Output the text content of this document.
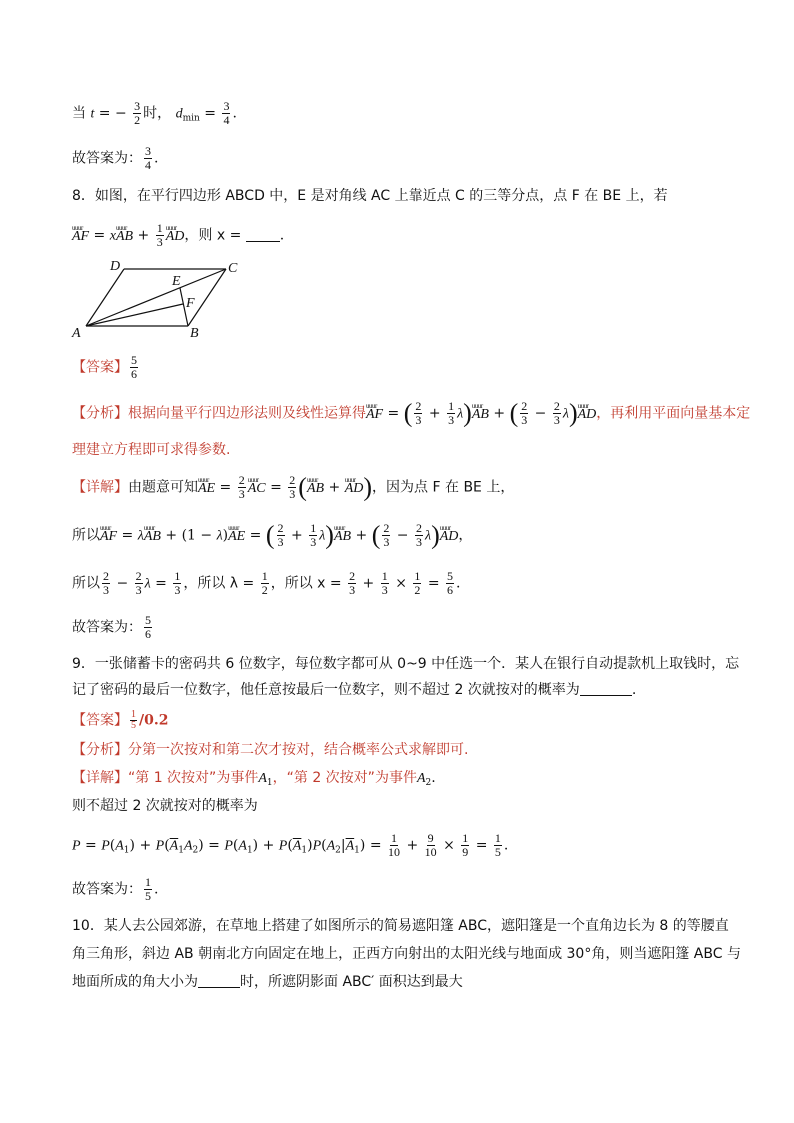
当 t = − $\frac{3}{2}$ 时， $d_{min} = \frac{3}{4}$ .
故答案为： $\frac{3}{4}$ .
8．如图，在平行四边形 ABCD 中，E 是对角线 AC 上靠近点 C 的三等分点，点 F 在 BE 上，若
uuur AF = xuuur AB + $\frac{1}{3}$ uuur AD，则 x =	.
D	C
E
F
A	B
【答案】 $\frac{5}{6}$
【分析】根据向量平行四边形法则及线性运算得uuur AF = ( $\frac{2}{3} + \frac{1}{3}$ λ)uuur AB + ( $\frac{2}{3} - \frac{2}{3}$ λ)uuur AD，再利用平面向量基本定
理建立方程即可求得参数.
【详解】由题意可知uuur AE = $\frac{2}{3}$ uuur AC = $\frac{2}{3}$ (uuur AB + uuur AD)，因为点 F 在 BE 上，
所以uuur AF = λuuur AB + (1 − λ)uuur AE = ( $\frac{2}{3} + \frac{1}{3}$ λ)uuur AB + ( $\frac{2}{3} - \frac{2}{3}$ λ)uuur AD，
所以 $\frac{2}{3} - \frac{2}{3}$ $\lambda = \frac{1}{3}$ ，所以 $\lambda = \frac{1}{2}$ ，所以 $x = \frac{2}{3} + \frac{1}{3} \times \frac{1}{2} = \frac{5}{6}$ .
故答案为： $\frac{5}{6}$
9．一张储蓄卡的密码共 6 位数字，每位数字都可从 0~9 中任选一个．某人在银行自动提款机上取钱时，忘
记了密码的最后一位数字，他任意按最后一位数字，则不超过 2 次就按对的概率为	.
【答案】 $\frac{1}{5} /0.2$
【分析】分第一次按对和第二次才按对，结合概率公式求解即可.
【详解】“第 1 次按对”为事件$A_1$，“第 2 次按对”为事件$A_2$.
则不超过 2 次就按对的概率为
$P = P(A_1) + P(\overline{A}_1A_2) = P(A_1) + P(\overline{A}_1)P(A_2|\overline{A}_1) = \frac{1}{10} + \frac{9}{10} \times \frac{1}{9} = \frac{1}{5}$ .
故答案为： $\frac{1}{5}$ .
10．某人去公园郊游，在草地上搭建了如图所示的简易遮阳篷 ABC，遮阳篷是一个直角边长为 8 的等腰直
角三角形，斜边 AB 朝南北方向固定在地上，正西方向射出的太阳光线与地面成 30°角，则当遮阳篷 ABC 与
地面所成的角大小为	时，所遮阴影面 ABC′ 面积达到最大
